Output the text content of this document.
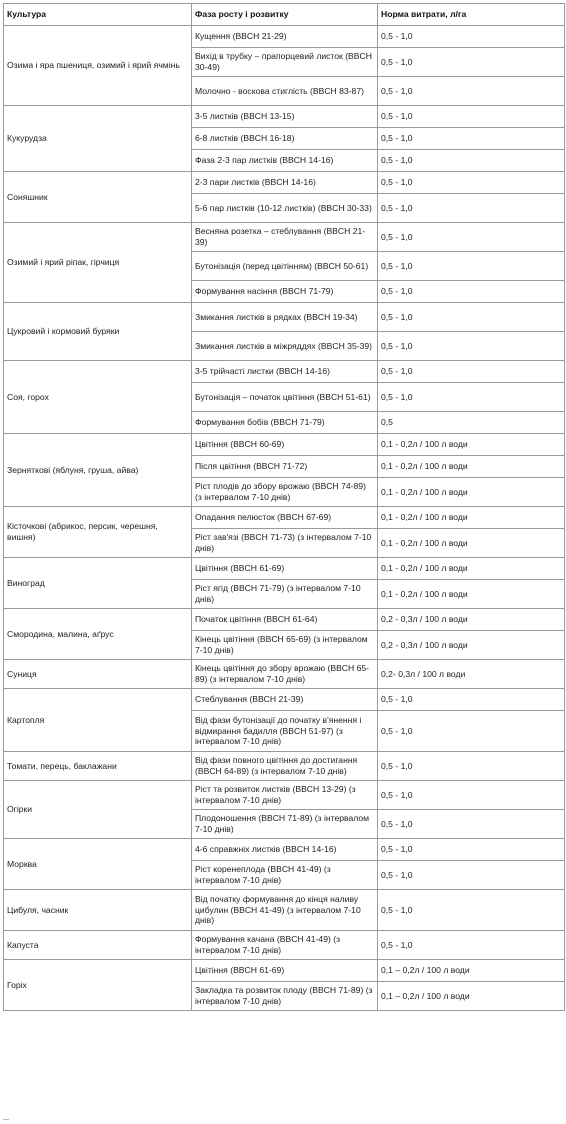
Культура	Фаза росту і розвитку	Норма витрати, л/га
Озима і яра пшениця, озимий і ярий ячмінь	Кущення (BBCH 21-29)	0,5 - 1,0
	Вихід в трубку – прапорцевий листок (BBCH 30-49)	0,5 - 1,0
	Молочно - воскова стиглість (BBCH 83-87)	0,5 - 1,0
Кукурудза	3-5 листків (BBCH 13-15)	0,5 - 1,0
	6-8 листків (BBCH 16-18)	0,5 - 1,0
	Фаза 2-3 пар листків (BBCH 14-16)	0,5 - 1,0
Соняшник	2-3 пари листків (BBCH 14-16)	0,5 - 1,0
	5-6 пар листків (10-12 листків) (BBCH 30-33)	0,5 - 1,0
Озимий і ярий ріпак, гірчиця	Весняна розетка – стеблування (BBCH 21-39)	0,5 - 1,0
	Бутонізація (перед цвітінням) (BBCH 50-61)	0,5 - 1,0
	Формування насіння (BBCH 71-79)	0,5 - 1,0
Цукровий і кормовий буряки	Змикання листків в рядках (BBCH 19-34)	0,5 - 1,0
	Змикання листків в міжряддях (BBCH 35-39)	0,5 - 1,0
Соя, горох	3-5 трійчасті листки (BBCH 14-16)	0,5 - 1,0
	Бутонізація – початок цвітіння (BBCH 51-61)	0,5 - 1,0
	Формування бобів (BBCH 71-79)	0,5
Зерняткові (яблуня, груша, айва)	Цвітіння (BBCH 60-69)	0,1 - 0,2л / 100 л води
	Після цвітіння (BBCH 71-72)	0,1 - 0,2л / 100 л води
	Ріст плодів до збору врожаю (BBCH 74-89) (з інтервалом 7-10 днів)	0,1 - 0,2л / 100 л води
Кісточкові (абрикос, персик, черешня, вишня)	Опадання пелюсток (BBCH 67-69)	0,1 - 0,2л / 100 л води
	Ріст зав'язі (BBCH 71-73) (з інтервалом 7-10 днів)	0,1 - 0,2л / 100 л води
Виноград	Цвітіння (BBCH 61-69)	0,1 - 0,2л / 100 л води
	Ріст ягід (BBCH 71-79) (з інтервалом 7-10 днів)	0,1 - 0,2л / 100 л води
Смородина, малина, аґрус	Початок цвітіння (BBCH 61-64)	0,2 - 0,3л / 100 л води
	Кінець цвітіння (BBCH 65-69) (з інтервалом 7-10 днів)	0,2 - 0,3л / 100 л води
Суниця	Кінець цвітіння до збору врожаю (BBCH 65-89) (з інтервалом 7-10 днів)	0,2- 0,3л / 100 л води
Картопля	Стеблування (BBCH 21-39)	0,5 - 1,0
	Від фази бутонізації до початку в'янення і відмирання бадилля (BBCH 51-97) (з інтервалом 7-10 днів)	0,5 - 1,0
Томати, перець, баклажани	Від фази повного цвітіння до достигання (BBCH 64-89) (з інтервалом 7-10 днів)	0,5 - 1,0
Огірки	Ріст та розвиток листків (BBCH 13-29) (з інтервалом 7-10 днів)	0,5 - 1,0
	Плодоношення (BBCH 71-89) (з інтервалом 7-10 днів)	0,5 - 1,0
Морква	4-6 справжніх листків (BBCH 14-16)	0,5 - 1,0
	Ріст коренеплода (BBCH 41-49) (з інтервалом 7-10 днів)	0,5 - 1,0
Цибуля, часник	Від початку формування до кінця наливу цибулин (BBCH 41-49) (з інтервалом 7-10 днів)	0,5 - 1,0
Капуста	Формування качана (BBCH 41-49) (з інтервалом 7-10 днів)	0,5 - 1,0
Горіх	Цвітіння (BBCH 61-69)	0,1 – 0,2л / 100 л води
	Закладка та розвиток плоду (BBCH 71-89) (з інтервалом 7-10 днів)	0,1 – 0,2л / 100 л води
